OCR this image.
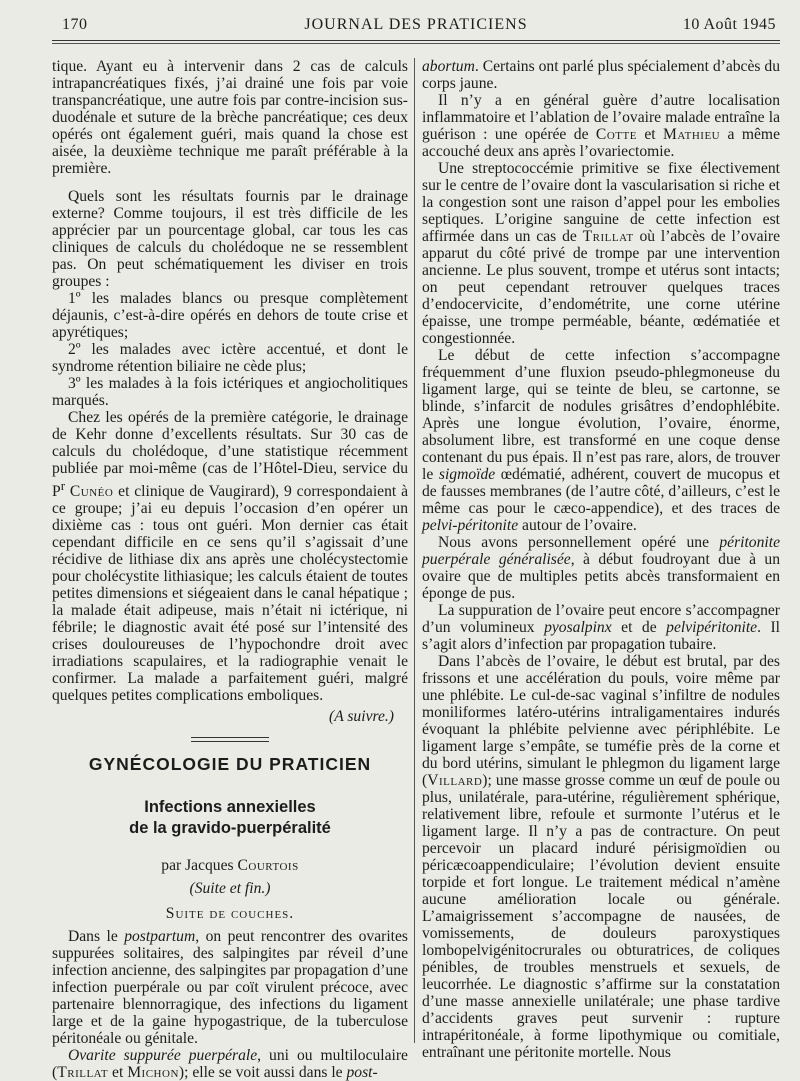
170	JOURNAL DES PRATICIENS	10 Août 1945

tique. Ayant eu à intervenir dans 2 cas de calculs intrapancréatiques fixés, j’ai drainé une fois par voie transpancréatique, une autre fois par contre-incision sus-duodénale et suture de la brèche pancréatique; ces deux opérés ont également guéri, mais quand la chose est aisée, la deuxième technique me paraît préférable à la première.

Quels sont les résultats fournis par le drainage externe? Comme toujours, il est très difficile de les apprécier par un pourcentage global, car tous les cas cliniques de calculs du cholédoque ne se ressemblent pas. On peut schématiquement les diviser en trois groupes :

1º les malades blancs ou presque complètement déjaunis, c’est-à-dire opérés en dehors de toute crise et apyrétiques;

2º les malades avec ictère accentué, et dont le syndrome rétention biliaire ne cède plus;

3º les malades à la fois ictériques et angiocholitiques marqués.

Chez les opérés de la première catégorie, le drainage de Kehr donne d’excellents résultats. Sur 30 cas de calculs du cholédoque, d’une statistique récemment publiée par moi-même (cas de l’Hôtel-Dieu, service du $P^r$ Cunéo et clinique de Vaugirard), 9 correspondaient à ce groupe; j’ai eu depuis l’occasion d’en opérer un dixième cas : tous ont guéri. Mon dernier cas était cependant difficile en ce sens qu’il s’agissait d’une récidive de lithiase dix ans après une cholécystectomie pour cholécystite lithiasique; les calculs étaient de toutes petites dimensions et siégeaient dans le canal hépatique ; la malade était adipeuse, mais n’était ni ictérique, ni fébrile; le diagnostic avait été posé sur l’intensité des crises douloureuses de l’hypochondre droit avec irradiations scapulaires, et la radiographie venait le confirmer. La malade a parfaitement guéri, malgré quelques petites complications emboliques.

(A suivre.)
GYNÉCOLOGIE DU PRATICIEN
Infections annexielles
de la gravido-puerpéralité
par Jacques Courtois
(Suite et fin.)
Suite de couches.

Dans le postpartum, on peut rencontrer des ovarites suppurées solitaires, des salpingites par réveil d’une infection ancienne, des salpingites par propagation d’une infection puerpérale ou par coït virulent précoce, avec partenaire blennorragique, des infections du ligament large et de la gaine hypogastrique, de la tuberculose péritonéale ou génitale.

Ovarite suppurée puerpérale, uni ou multiloculaire (Trillat et Michon); elle se voit aussi dans le post-

abortum. Certains ont parlé plus spécialement d’abcès du corps jaune.

Il n’y a en général guère d’autre localisation inflammatoire et l’ablation de l’ovaire malade entraîne la guérison : une opérée de Cotte et Mathieu a même accouché deux ans après l’ovariectomie.

Une streptococcémie primitive se fixe électivement sur le centre de l’ovaire dont la vascularisation si riche et la congestion sont une raison d’appel pour les embolies septiques. L’origine sanguine de cette infection est affirmée dans un cas de Trillat où l’abcès de l’ovaire apparut du côté privé de trompe par une intervention ancienne. Le plus souvent, trompe et utérus sont intacts; on peut cependant retrouver quelques traces d’endocervicite, d’endométrite, une corne utérine épaisse, une trompe perméable, béante, œdématiée et congestionnée.

Le début de cette infection s’accompagne fréquemment d’une fluxion pseudo-phlegmoneuse du ligament large, qui se teinte de bleu, se cartonne, se blinde, s’infarcit de nodules grisâtres d’endophlébite. Après une longue évolution, l’ovaire, énorme, absolument libre, est transformé en une coque dense contenant du pus épais. Il n’est pas rare, alors, de trouver le sigmoïde œdématié, adhérent, couvert de mucopus et de fausses membranes (de l’autre côté, d’ailleurs, c’est le même cas pour le cæco-appendice), et des traces de pelvi-péritonite autour de l’ovaire.

Nous avons personnellement opéré une péritonite puerpérale généralisée, à début foudroyant due à un ovaire que de multiples petits abcès transformaient en éponge de pus.

La suppuration de l’ovaire peut encore s’accompagner d’un volumineux pyosalpinx et de pelvipéritonite. Il s’agit alors d’infection par propagation tubaire.

Dans l’abcès de l’ovaire, le début est brutal, par des frissons et une accélération du pouls, voire même par une phlébite. Le cul-de-sac vaginal s’infiltre de nodules moniliformes latéro-utérins intraligamentaires indurés évoquant la phlébite pelvienne avec périphlébite. Le ligament large s’empâte, se tuméfie près de la corne et du bord utérins, simulant le phlegmon du ligament large (Villard); une masse grosse comme un œuf de poule ou plus, unilatérale, para-utérine, régulièrement sphérique, relativement libre, refoule et surmonte l’utérus et le ligament large. Il n’y a pas de contracture. On peut percevoir un placard induré périsigmoïdien ou péricæcoappendiculaire; l’évolution devient ensuite torpide et fort longue. Le traitement médical n’amène aucune amélioration locale ou générale. L’amaigrissement s’accompagne de nausées, de vomissements, de douleurs paroxystiques lombopelvigénitocrurales ou obturatrices, de coliques pénibles, de troubles menstruels et sexuels, de leucorrhée. Le diagnostic s’affirme sur la constatation d’une masse annexielle unilatérale; une phase tardive d’accidents graves peut survenir : rupture intrapéritonéale, à forme lipothymique ou comitiale, entraînant une péritonite mortelle. Nous
